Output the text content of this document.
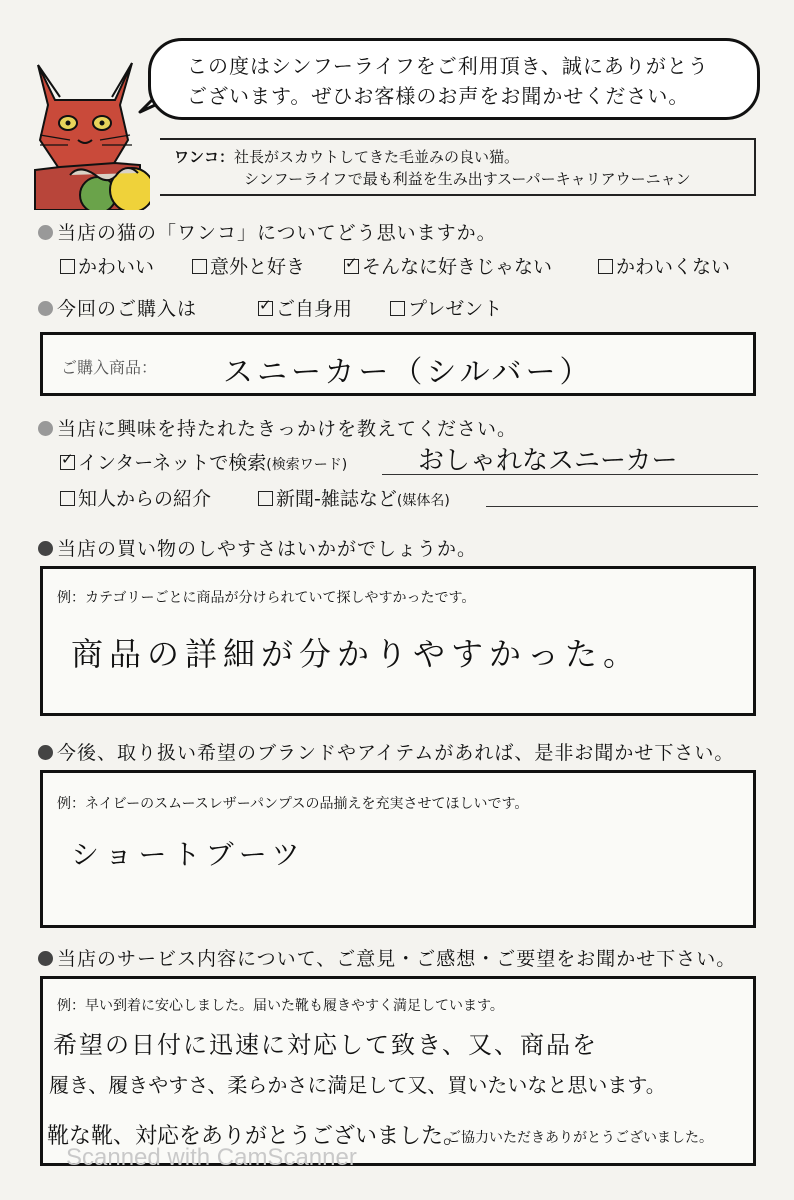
この度はシンフーライフをご利用頂き、誠にありがとう
ございます。ぜひお客様のお声をお聞かせください。
ワンコ：社長がスカウトしてきた毛並みの良い猫。
シンフーライフで最も利益を生み出すスーパーキャリアウーニャン
当店の猫の「ワンコ」についてどう思いますか。
かわいい	意外と好き ✓	そんなに好きじゃない	かわいくない
今回のご購入は ✓	ご自身用	プレゼント
ご購入商品： スニーカー（シルバー）
当店に興味を持たれたきっかけを教えてください。
✓インターネットで検索(検索ワード)	おしゃれなスニーカー
知人からの紹介	新聞-雑誌など(媒体名)
当店の買い物のしやすさはいかがでしょうか。
例：カテゴリーごとに商品が分けられていて探しやすかったです。
商品の詳細が分かりやすかった。
今後、取り扱い希望のブランドやアイテムがあれば、是非お聞かせ下さい。
例：ネイビーのスムースレザーパンプスの品揃えを充実させてほしいです。
ショートブーツ
当店のサービス内容について、ご意見・ご感想・ご要望をお聞かせ下さい。
例：早い到着に安心しました。届いた靴も履きやすく満足しています。
希望の日付に迅速に対応して致き、又、商品を
履き、履きやすさ、柔らかさに満足して又、買いたいなと思います。
靴な靴、対応をありがとうございました。
ご協力いただきありがとうございました。
Scanned with CamScanner
